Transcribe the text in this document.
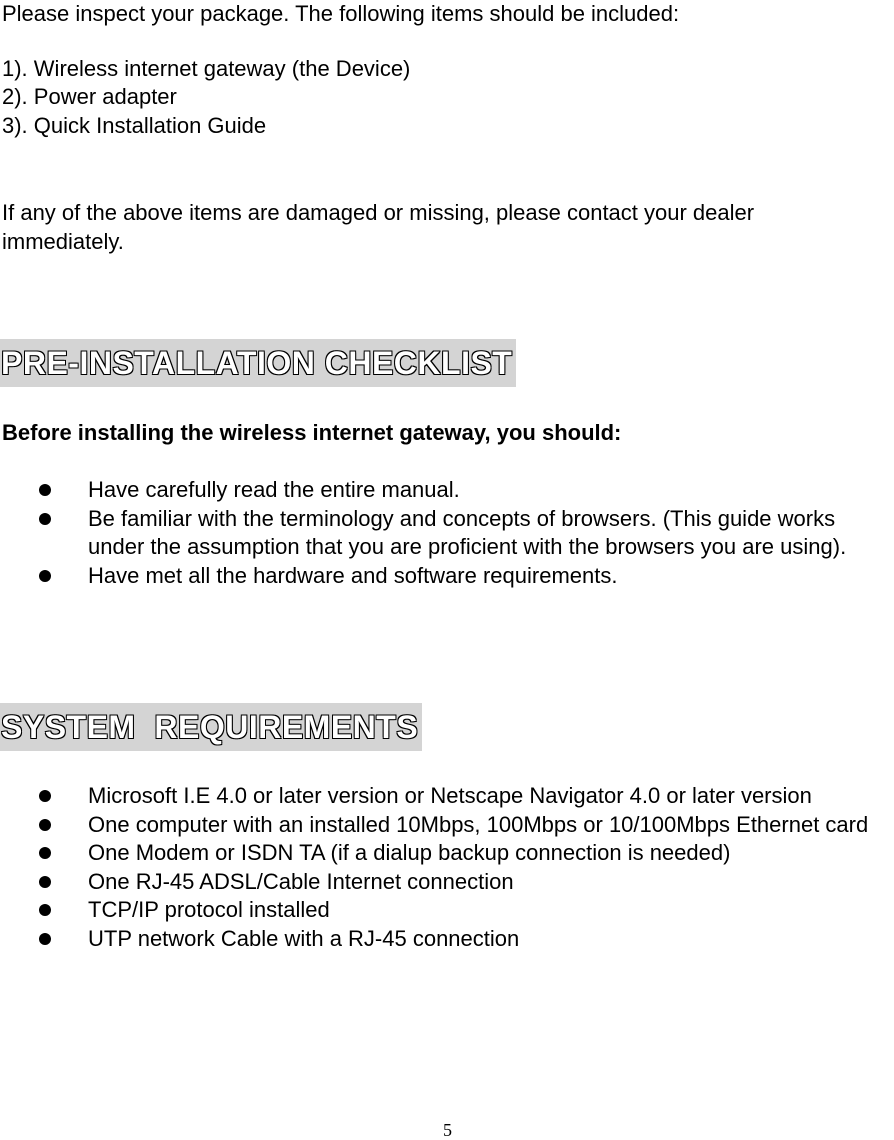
Please inspect your package. The following items should be included:
1). Wireless internet gateway (the Device)
2). Power adapter
3). Quick Installation Guide
If any of the above items are damaged or missing, please contact your dealer
immediately.
PRE-INSTALLATION CHECKLIST
Before installing the wireless internet gateway, you should:
Have carefully read the entire manual.
Be familiar with the terminology and concepts of browsers. (This guide works under the assumption that you are proficient with the browsers you are using).
Have met all the hardware and software requirements.
SYSTEM  REQUIREMENTS
Microsoft I.E 4.0 or later version or Netscape Navigator 4.0 or later version
One computer with an installed 10Mbps, 100Mbps or 10/100Mbps Ethernet card
One Modem or ISDN TA (if a dialup backup connection is needed)
One RJ-45 ADSL/Cable Internet connection
TCP/IP protocol installed
UTP network Cable with a RJ-45 connection
5
